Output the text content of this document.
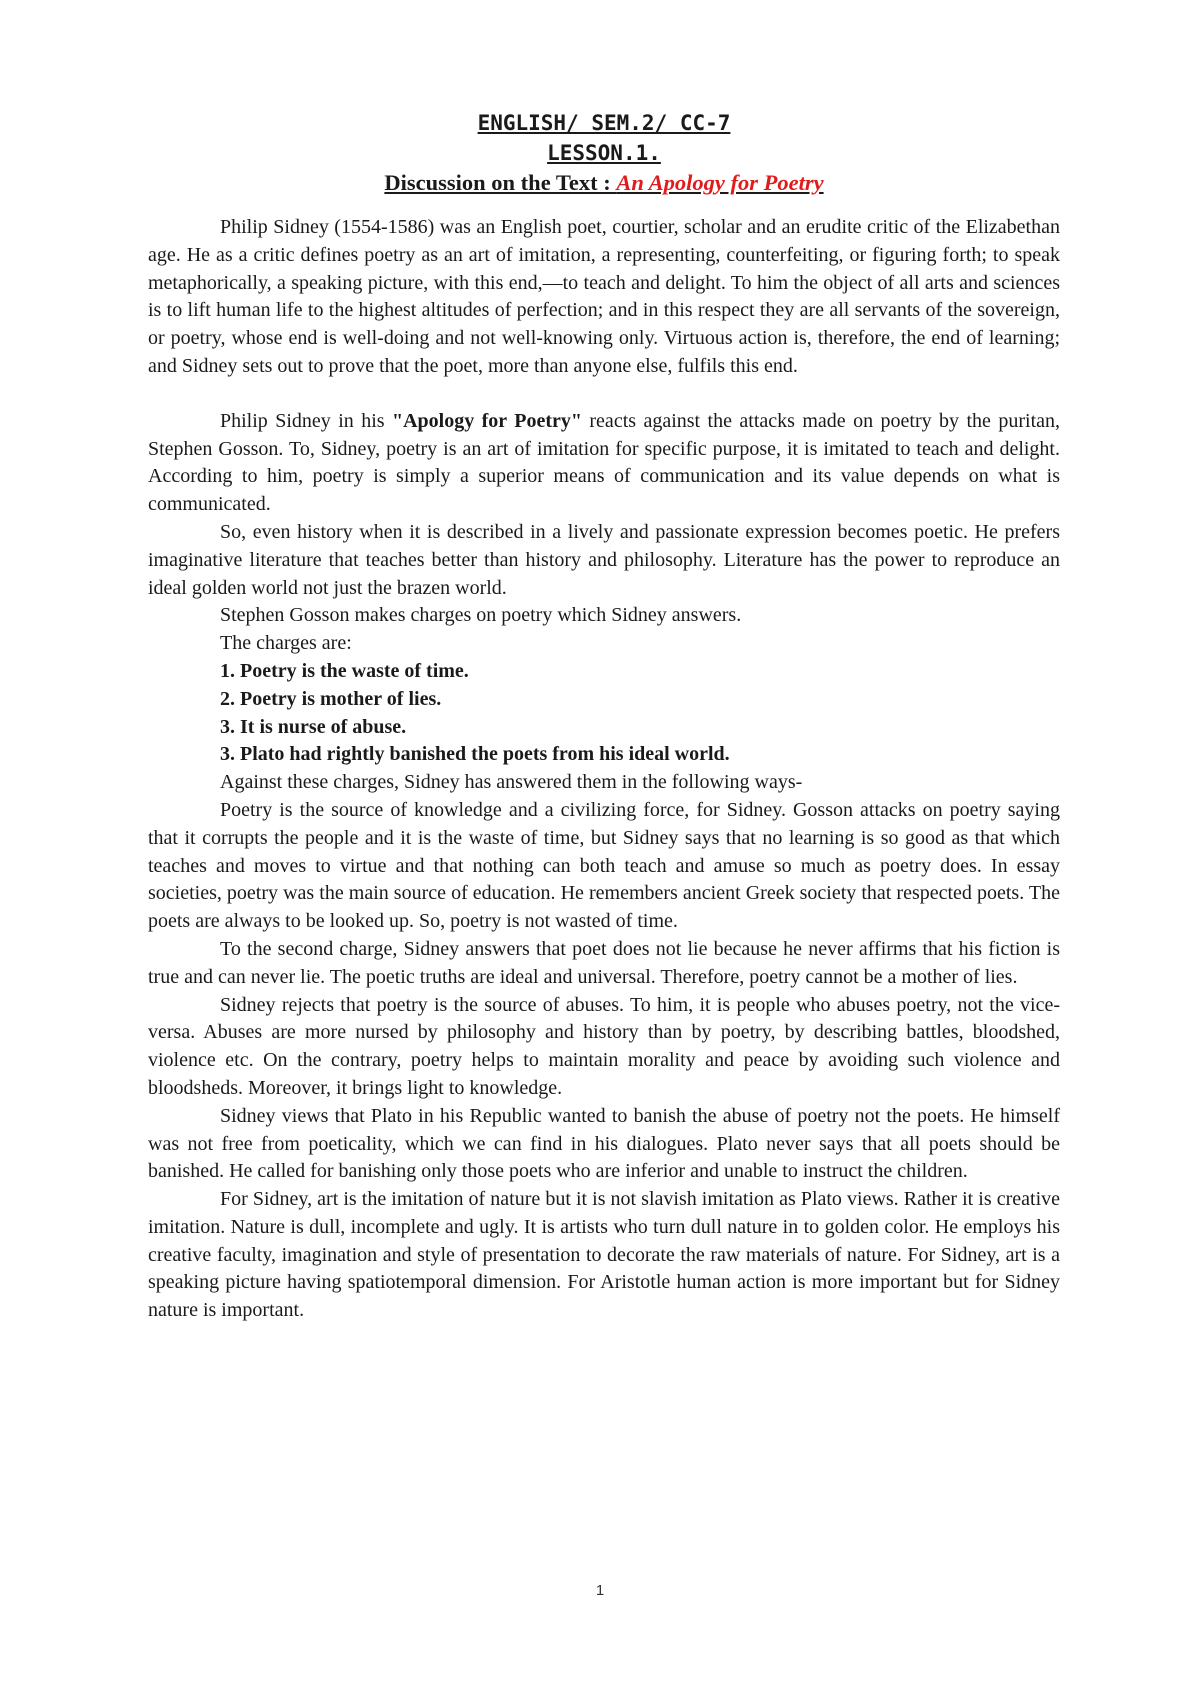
ENGLISH/ SEM.2/ CC-7
LESSON.1.
Discussion on the Text : An Apology for Poetry

Philip Sidney (1554-1586) was an English poet, courtier, scholar and an erudite critic of the Elizabethan age. He as a critic defines poetry as an art of imitation, a representing, counterfeiting, or figuring forth; to speak metaphorically, a speaking picture, with this end,—to teach and delight. To him the object of all arts and sciences is to lift human life to the highest altitudes of perfection; and in this respect they are all servants of the sovereign, or poetry, whose end is well-doing and not well-knowing only. Virtuous action is, therefore, the end of learning; and Sidney sets out to prove that the poet, more than anyone else, fulfils this end.

Philip Sidney in his "Apology for Poetry" reacts against the attacks made on poetry by the puritan, Stephen Gosson. To, Sidney, poetry is an art of imitation for specific purpose, it is imitated to teach and delight. According to him, poetry is simply a superior means of communication and its value depends on what is communicated.

So, even history when it is described in a lively and passionate expression becomes poetic. He prefers imaginative literature that teaches better than history and philosophy. Literature has the power to reproduce an ideal golden world not just the brazen world.

Stephen Gosson makes charges on poetry which Sidney answers.

The charges are:

1. Poetry is the waste of time.

2. Poetry is mother of lies.

3. It is nurse of abuse.

3. Plato had rightly banished the poets from his ideal world.

Against these charges, Sidney has answered them in the following ways-

Poetry is the source of knowledge and a civilizing force, for Sidney. Gosson attacks on poetry saying that it corrupts the people and it is the waste of time, but Sidney says that no learning is so good as that which teaches and moves to virtue and that nothing can both teach and amuse so much as poetry does. In essay societies, poetry was the main source of education. He remembers ancient Greek society that respected poets. The poets are always to be looked up. So, poetry is not wasted of time.

To the second charge, Sidney answers that poet does not lie because he never affirms that his fiction is true and can never lie. The poetic truths are ideal and universal. Therefore, poetry cannot be a mother of lies.

Sidney rejects that poetry is the source of abuses. To him, it is people who abuses poetry, not the vice- versa. Abuses are more nursed by philosophy and history than by poetry, by describing battles, bloodshed, violence etc. On the contrary, poetry helps to maintain morality and peace by avoiding such violence and bloodsheds. Moreover, it brings light to knowledge.

Sidney views that Plato in his Republic wanted to banish the abuse of poetry not the poets. He himself was not free from poeticality, which we can find in his dialogues. Plato never says that all poets should be banished. He called for banishing only those poets who are inferior and unable to instruct the children.

For Sidney, art is the imitation of nature but it is not slavish imitation as Plato views. Rather it is creative imitation. Nature is dull, incomplete and ugly. It is artists who turn dull nature in to golden color. He employs his creative faculty, imagination and style of presentation to decorate the raw materials of nature. For Sidney, art is a speaking picture having spatiotemporal dimension. For Aristotle human action is more important but for Sidney nature is important.

1
